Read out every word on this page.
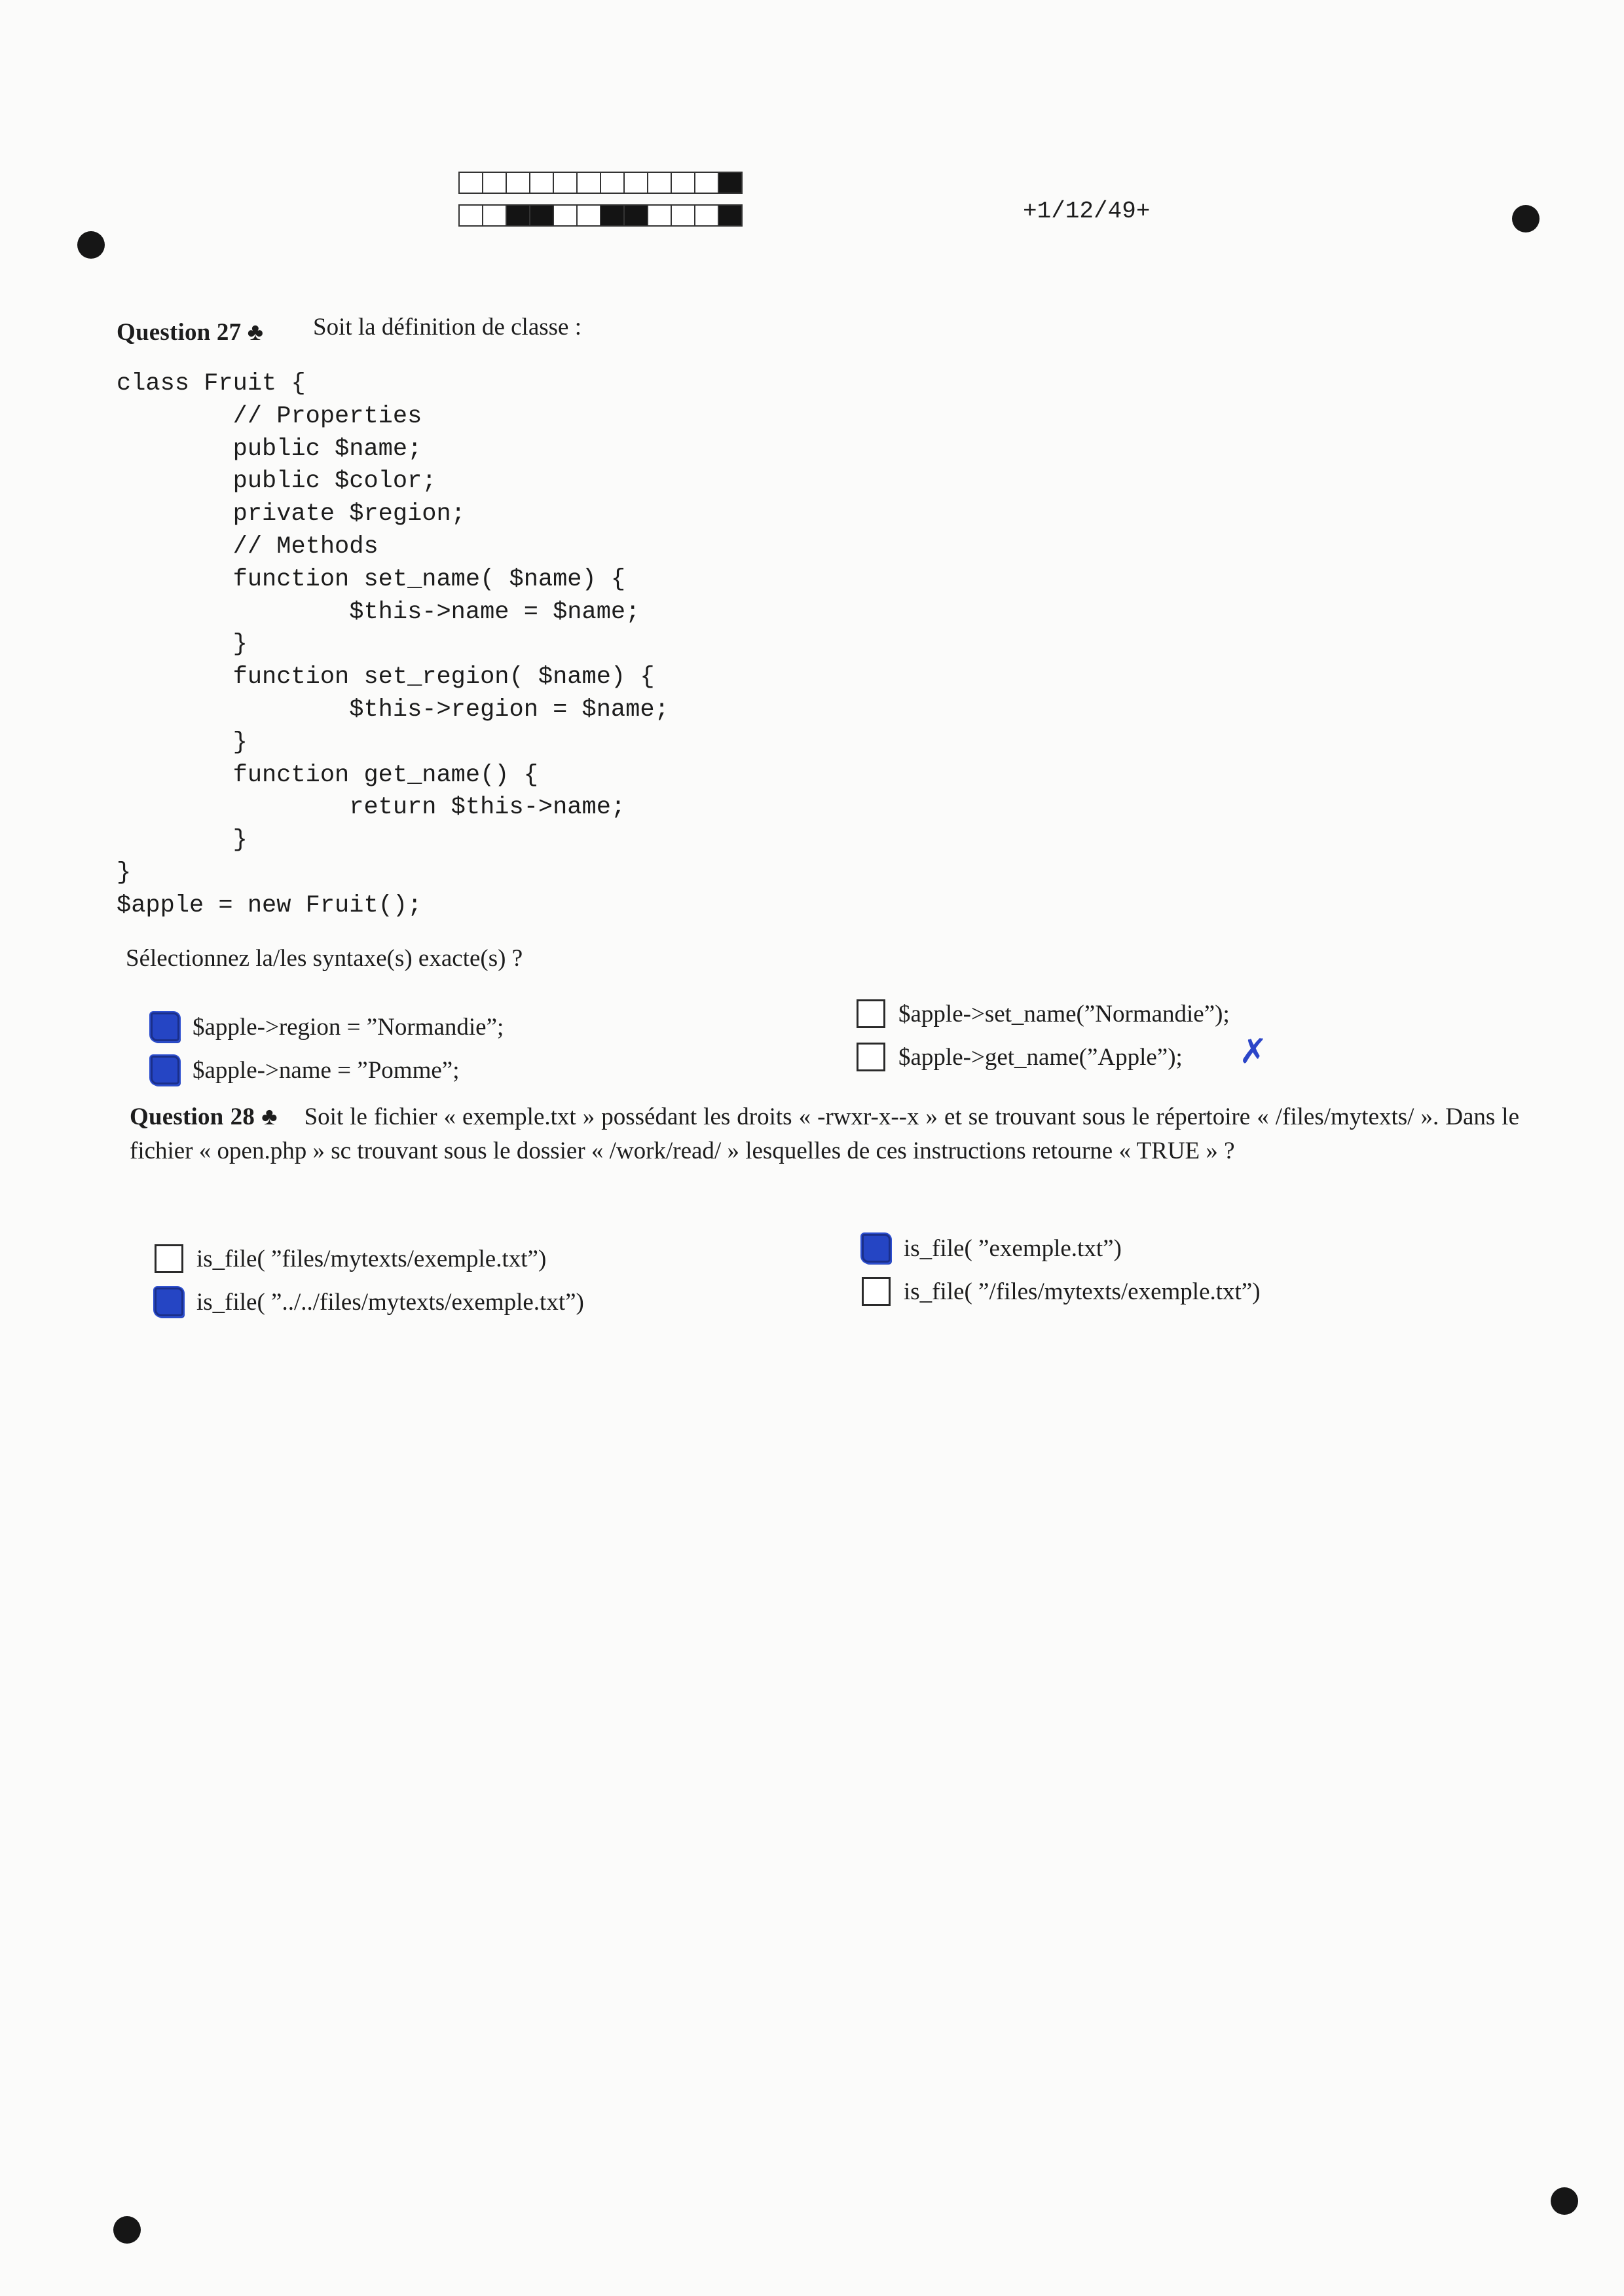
+1/12/49+
Question 27 ♣ Soit la définition de classe :
class Fruit {
// Properties
public $name;
public $color;
private $region;
// Methods
function set_name( $name) {
$this->name = $name;
}
function set_region( $name) {
$this->region = $name;
}
function get_name() {
return $this->name;
}
}
$apple = new Fruit();
Sélectionnez la/les syntaxe(s) exacte(s) ?
$apple->region = ”Normandie”;
$apple->name = ”Pomme”;
$apple->set_name(”Normandie”);
$apple->get_name(”Apple”); ✗
Question 28 ♣ Soit le fichier « exemple.txt » possédant les droits « -rwxr-x--x » et se trouvant sous le répertoire « /files/mytexts/ ». Dans le fichier « open.php » sc trouvant sous le dossier « /work/read/ » lesquelles de ces instructions retourne « TRUE » ?
is_file( ”files/mytexts/exemple.txt”)
is_file( ”../../files/mytexts/exemple.txt”)
is_file( ”exemple.txt”)
is_file( ”/files/mytexts/exemple.txt”)
